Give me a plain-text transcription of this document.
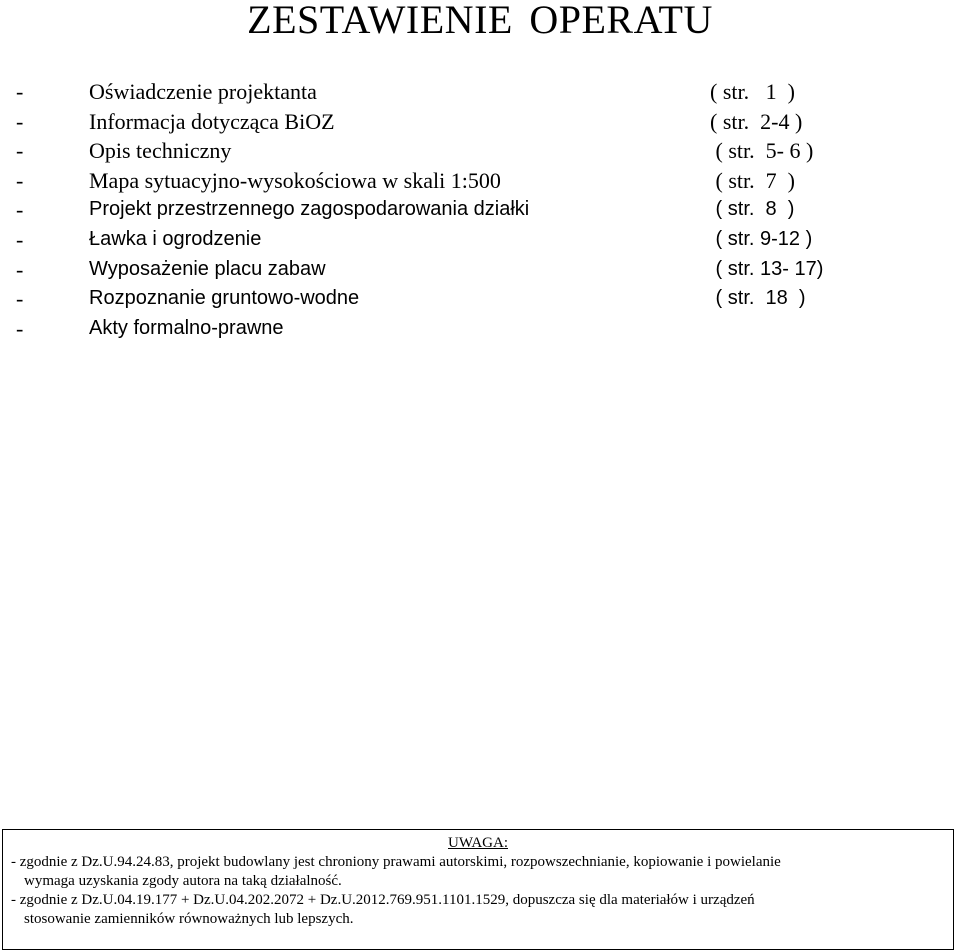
ZESTAWIENIE OPERATU
-	Oświadczenie projektanta	( str.   1  )
-	Informacja dotycząca BiOZ	( str.  2-4 )
-	Opis techniczny	( str.  5- 6 )
-	Mapa sytuacyjno-wysokościowa w skali 1:500	( str.  7  )
-	Projekt przestrzennego zagospodarowania działki	( str.  8  )
-	Ławka i ogrodzenie	( str. 9-12 )
-	Wyposażenie placu zabaw	( str. 13- 17)
-	Rozpoznanie gruntowo-wodne	( str.  18  )
-	Akty formalno-prawne
UWAGA:
- zgodnie z Dz.U.94.24.83, projekt budowlany jest chroniony prawami autorskimi, rozpowszechnianie, kopiowanie i powielanie
wymaga uzyskania zgody autora na taką działalność.
- zgodnie z Dz.U.04.19.177 + Dz.U.04.202.2072 + Dz.U.2012.769.951.1101.1529, dopuszcza się dla materiałów i urządzeń
stosowanie zamienników równoważnych lub lepszych.
